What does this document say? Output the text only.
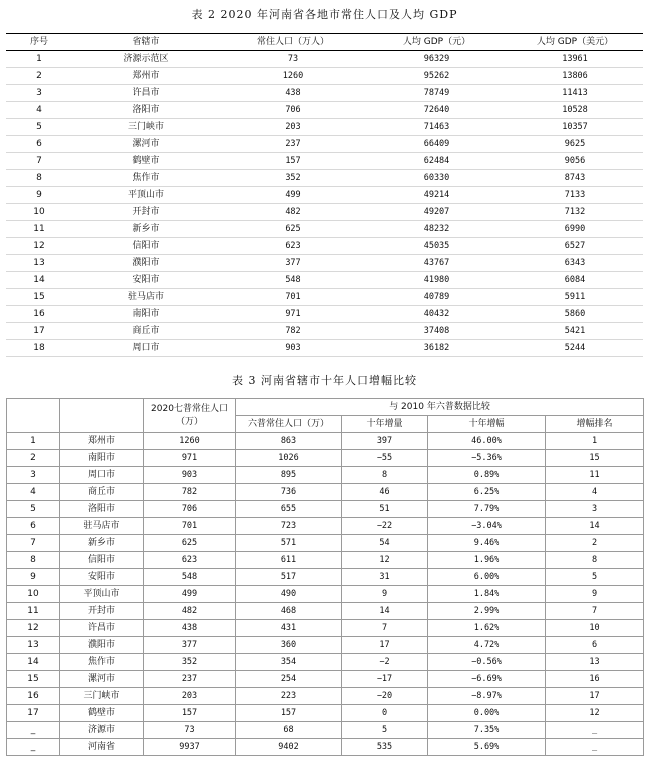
表 2 2020 年河南省各地市常住人口及人均 GDP
序号	省辖市	常住人口（万人）	人均 GDP（元）	人均 GDP（美元）
1	济源示范区	73	96329	13961
2	郑州市	1260	95262	13806
3	许昌市	438	78749	11413
4	洛阳市	706	72640	10528
5	三门峡市	203	71463	10357
6	漯河市	237	66409	9625
7	鹤壁市	157	62484	9056
8	焦作市	352	60330	8743
9	平顶山市	499	49214	7133
10	开封市	482	49207	7132
11	新乡市	625	48232	6990
12	信阳市	623	45035	6527
13	濮阳市	377	43767	6343
14	安阳市	548	41980	6084
15	驻马店市	701	40789	5911
16	南阳市	971	40432	5860
17	商丘市	782	37408	5421
18	周口市	903	36182	5244
表 3 河南省辖市十年人口增幅比较
		2020七普常住人口（万）	与 2010 年六普数据比较			
			六普常住人口（万）	十年增量	十年增幅	增幅排名
1	郑州市	1260	863	397	46.00%	1
2	南阳市	971	1026	−55	−5.36%	15
3	周口市	903	895	8	0.89%	11
4	商丘市	782	736	46	6.25%	4
5	洛阳市	706	655	51	7.79%	3
6	驻马店市	701	723	−22	−3.04%	14
7	新乡市	625	571	54	9.46%	2
8	信阳市	623	611	12	1.96%	8
9	安阳市	548	517	31	6.00%	5
10	平顶山市	499	490	9	1.84%	9
11	开封市	482	468	14	2.99%	7
12	许昌市	438	431	7	1.62%	10
13	濮阳市	377	360	17	4.72%	6
14	焦作市	352	354	−2	−0.56%	13
15	漯河市	237	254	−17	−6.69%	16
16	三门峡市	203	223	−20	−8.97%	17
17	鹤壁市	157	157	0	0.00%	12
_	济源市	73	68	5	7.35%	_
_	河南省	9937	9402	535	5.69%	_
